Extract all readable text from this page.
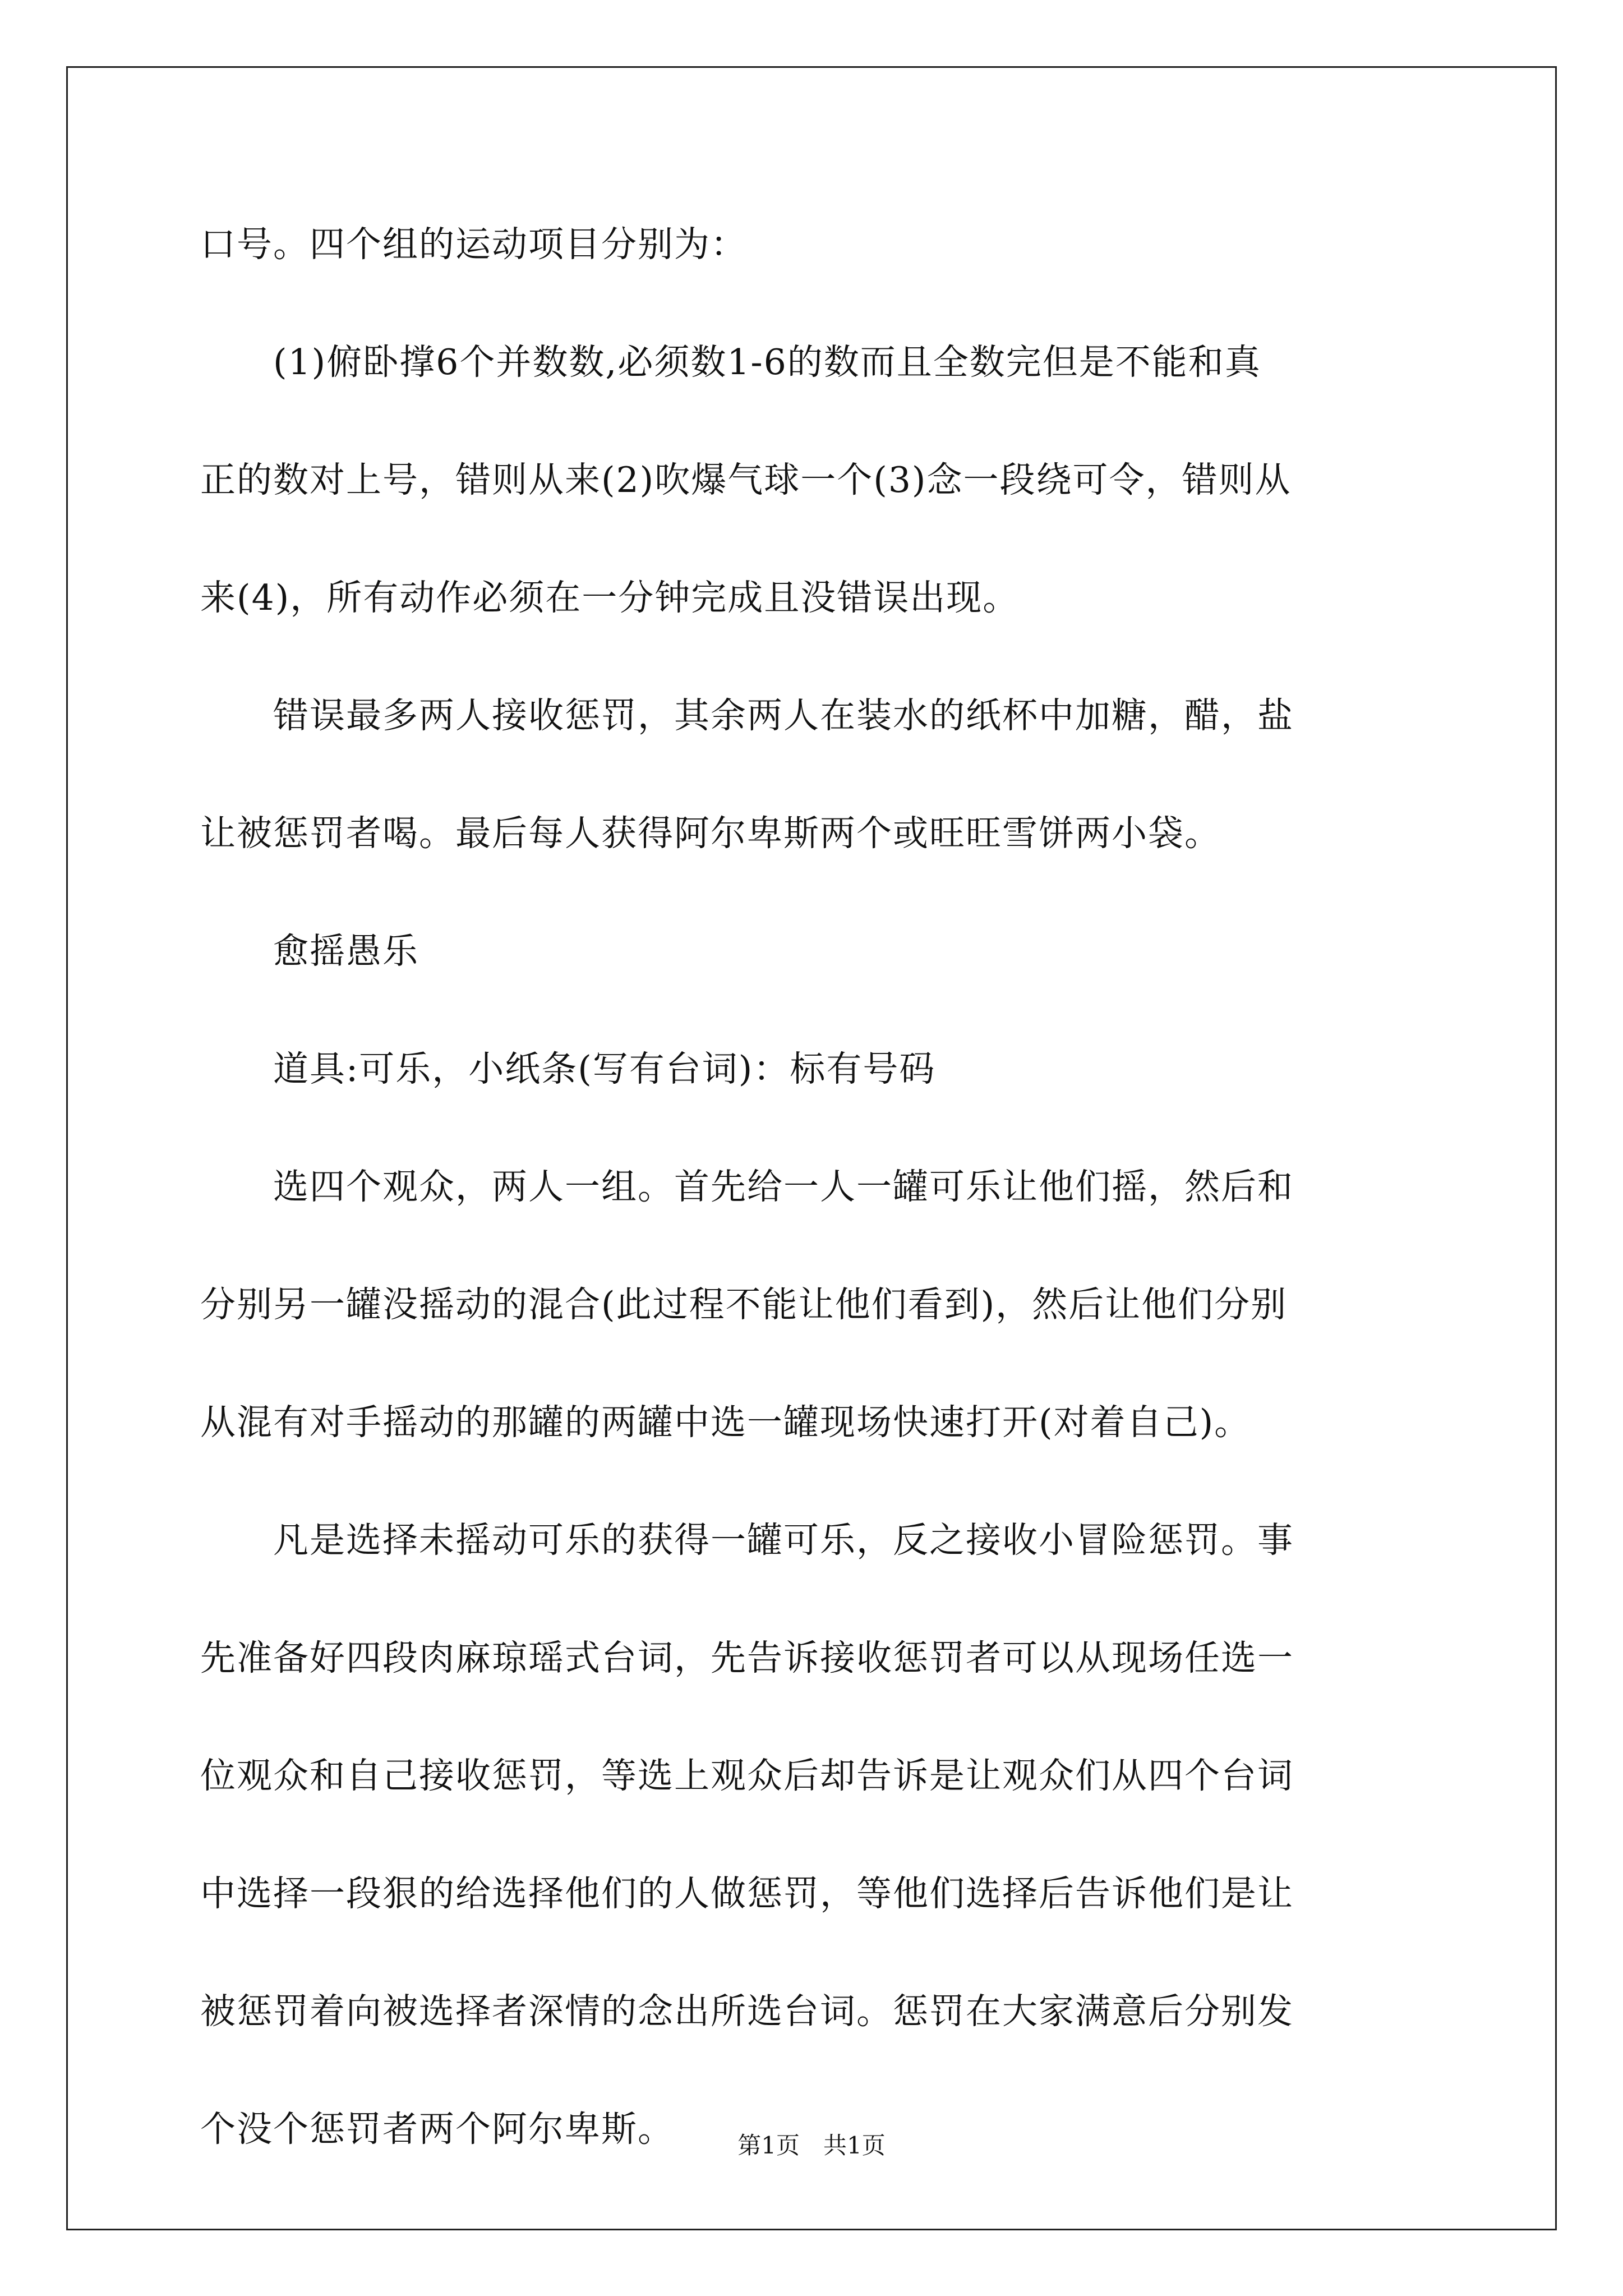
口号。四个组的运动项目分别为：
　　(1)俯卧撑6个并数数,必须数1-6的数而且全数完但是不能和真
正的数对上号，错则从来(2)吹爆气球一个(3)念一段绕可令，错则从
来(4)，所有动作必须在一分钟完成且没错误出现。
　　错误最多两人接收惩罚，其余两人在装水的纸杯中加糖，醋，盐
让被惩罚者喝。最后每人获得阿尔卑斯两个或旺旺雪饼两小袋。
　　愈摇愚乐
　　道具:可乐，小纸条(写有台词)：标有号码
　　选四个观众，两人一组。首先给一人一罐可乐让他们摇，然后和
分别另一罐没摇动的混合(此过程不能让他们看到)，然后让他们分别
从混有对手摇动的那罐的两罐中选一罐现场快速打开(对着自己)。
　　凡是选择未摇动可乐的获得一罐可乐，反之接收小冒险惩罚。事
先准备好四段肉麻琼瑶式台词，先告诉接收惩罚者可以从现场任选一
位观众和自己接收惩罚，等选上观众后却告诉是让观众们从四个台词
中选择一段狠的给选择他们的人做惩罚，等他们选择后告诉他们是让
被惩罚着向被选择者深情的念出所选台词。惩罚在大家满意后分别发
个没个惩罚者两个阿尔卑斯。	第1页 共1页
